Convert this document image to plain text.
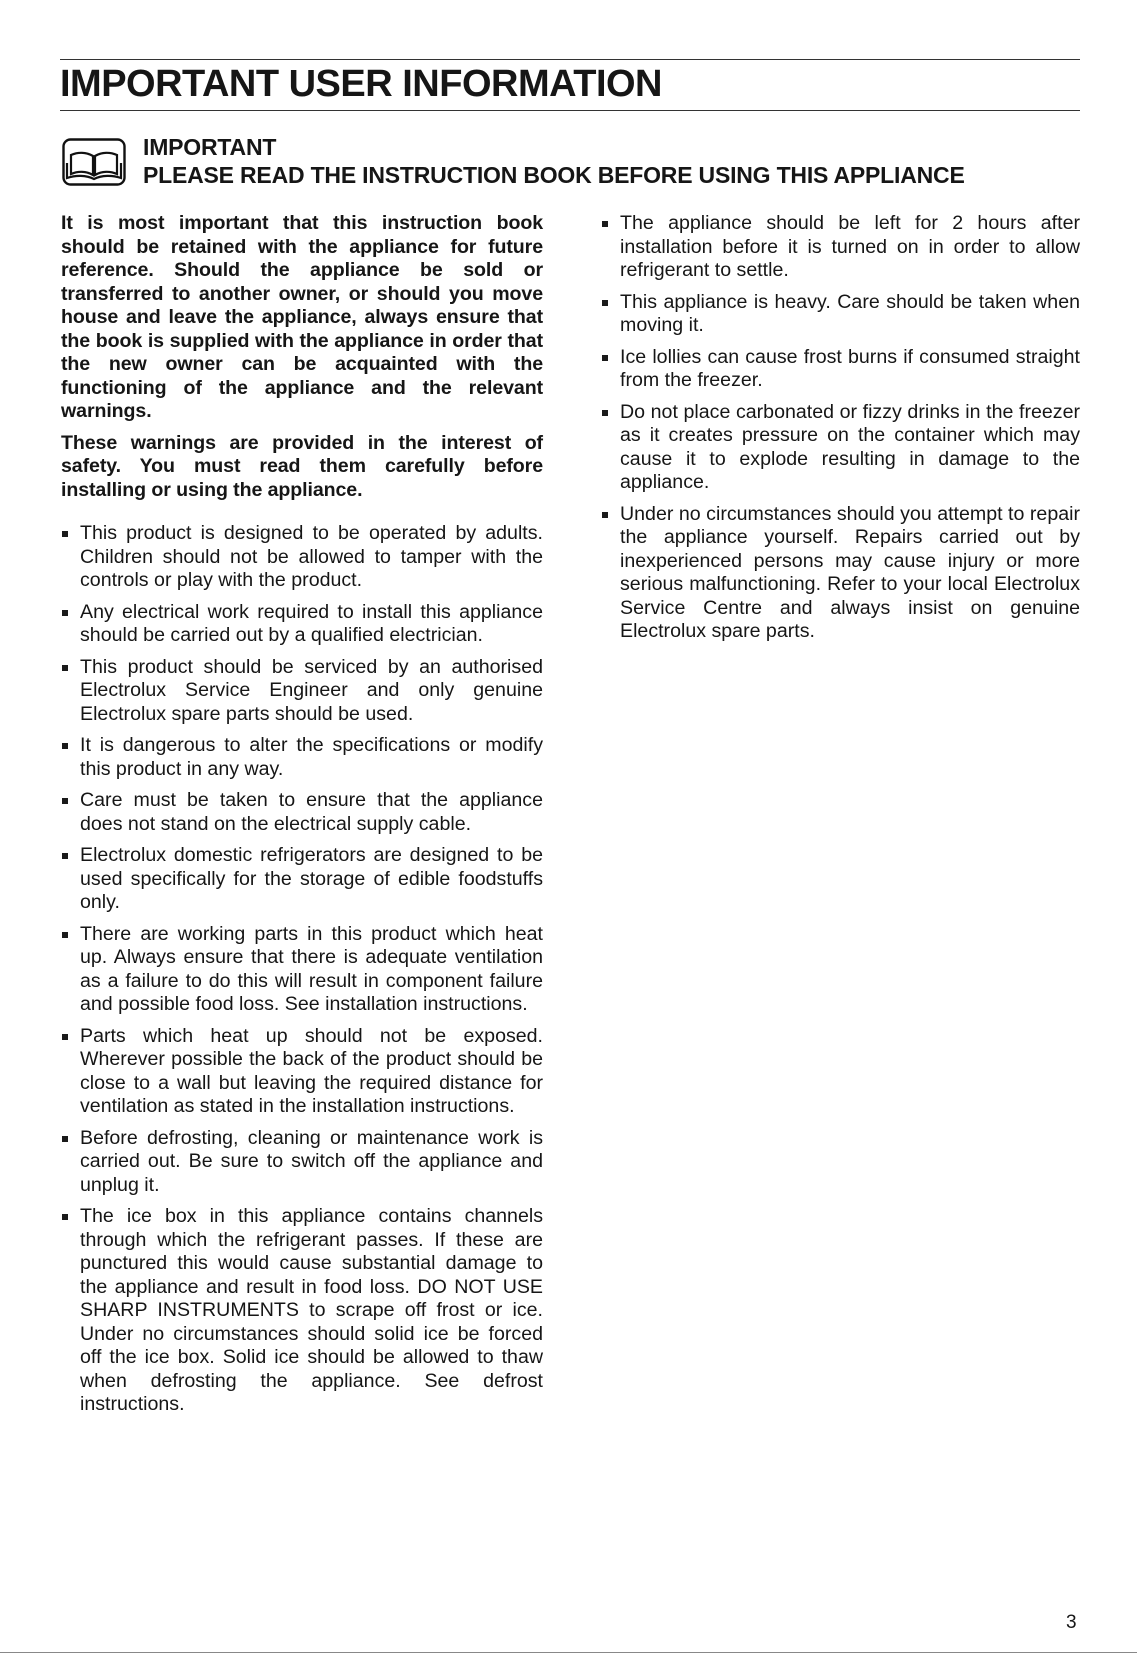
IMPORTANT USER INFORMATION
IMPORTANT
PLEASE READ THE INSTRUCTION BOOK BEFORE USING THIS APPLIANCE

It is most important that this instruction book should be retained with the appliance for future reference. Should the appliance be sold or transferred to another owner, or should you move house and leave the appliance, always ensure that the book is supplied with the appliance in order that the new owner can be acquainted with the functioning of the appliance and the relevant warnings.

These warnings are provided in the interest of safety. You must read them carefully before installing or using the appliance.

This product is designed to be operated by adults. Children should not be allowed to tamper with the controls or play with the product.
Any electrical work required to install this appliance should be carried out by a qualified electrician.
This product should be serviced by an authorised Electrolux Service Engineer and only genuine Electrolux spare parts should be used.
It is dangerous to alter the specifications or modify this product in any way.
Care must be taken to ensure that the appliance does not stand on the electrical supply cable.
Electrolux domestic refrigerators are designed to be used specifically for the storage of edible foodstuffs only.
There are working parts in this product which heat up. Always ensure that there is adequate ventilation as a failure to do this will result in component failure and possible food loss. See installation instructions.
Parts which heat up should not be exposed. Wherever possible the back of the product should be close to a wall but leaving the required distance for ventilation as stated in the installation instructions.
Before defrosting, cleaning or maintenance work is carried out. Be sure to switch off the appliance and unplug it.
The ice box in this appliance contains channels through which the refrigerant passes. If these are punctured this would cause substantial damage to the appliance and result in food loss. DO NOT USE SHARP INSTRUMENTS to scrape off frost or ice. Under no circumstances should solid ice be forced off the ice box. Solid ice should be allowed to thaw when defrosting the appliance. See defrost instructions.
The appliance should be left for 2 hours after installation before it is turned on in order to allow refrigerant to settle.
This appliance is heavy. Care should be taken when moving it.
Ice lollies can cause frost burns if consumed straight from the freezer.
Do not place carbonated or fizzy drinks in the freezer as it creates pressure on the container which may cause it to explode resulting in damage to the appliance.
Under no circumstances should you attempt to repair the appliance yourself. Repairs carried out by inexperienced persons may cause injury or more serious malfunctioning. Refer to your local Electrolux Service Centre and always insist on genuine Electrolux spare parts.
3
